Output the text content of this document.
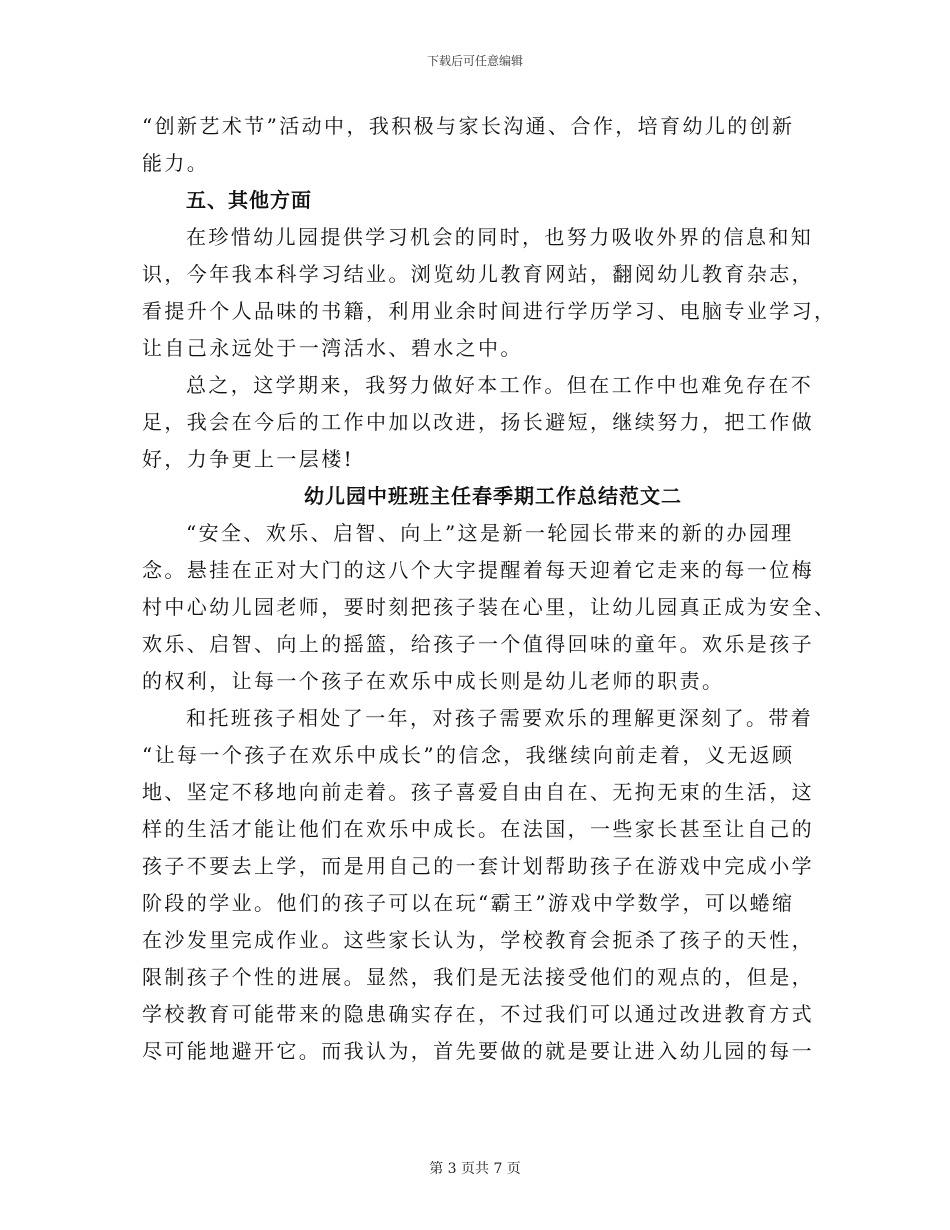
下载后可任意编辑
“创新艺术节”活动中，我积极与家长沟通、合作，培育幼儿的创新
能力。
五、其他方面
在珍惜幼儿园提供学习机会的同时，也努力吸收外界的信息和知
识，今年我本科学习结业。浏览幼儿教育网站，翻阅幼儿教育杂志，
看提升个人品味的书籍，利用业余时间进行学历学习、电脑专业学习，
让自己永远处于一湾活水、碧水之中。
总之，这学期来，我努力做好本工作。但在工作中也难免存在不
足，我会在今后的工作中加以改进，扬长避短，继续努力，把工作做
好，力争更上一层楼!
幼儿园中班班主任春季期工作总结范文二
“安全、欢乐、启智、向上”这是新一轮园长带来的新的办园理
念。悬挂在正对大门的这八个大字提醒着每天迎着它走来的每一位梅
村中心幼儿园老师，要时刻把孩子装在心里，让幼儿园真正成为安全、
欢乐、启智、向上的摇篮，给孩子一个值得回味的童年。欢乐是孩子
的权利，让每一个孩子在欢乐中成长则是幼儿老师的职责。
和托班孩子相处了一年，对孩子需要欢乐的理解更深刻了。带着
“让每一个孩子在欢乐中成长”的信念，我继续向前走着，义无返顾
地、坚定不移地向前走着。孩子喜爱自由自在、无拘无束的生活，这
样的生活才能让他们在欢乐中成长。在法国，一些家长甚至让自己的
孩子不要去上学，而是用自己的一套计划帮助孩子在游戏中完成小学
阶段的学业。他们的孩子可以在玩“霸王”游戏中学数学，可以蜷缩
在沙发里完成作业。这些家长认为，学校教育会扼杀了孩子的天性，
限制孩子个性的进展。显然，我们是无法接受他们的观点的，但是，
学校教育可能带来的隐患确实存在，不过我们可以通过改进教育方式
尽可能地避开它。而我认为，首先要做的就是要让进入幼儿园的每一
第 3 页共 7 页
